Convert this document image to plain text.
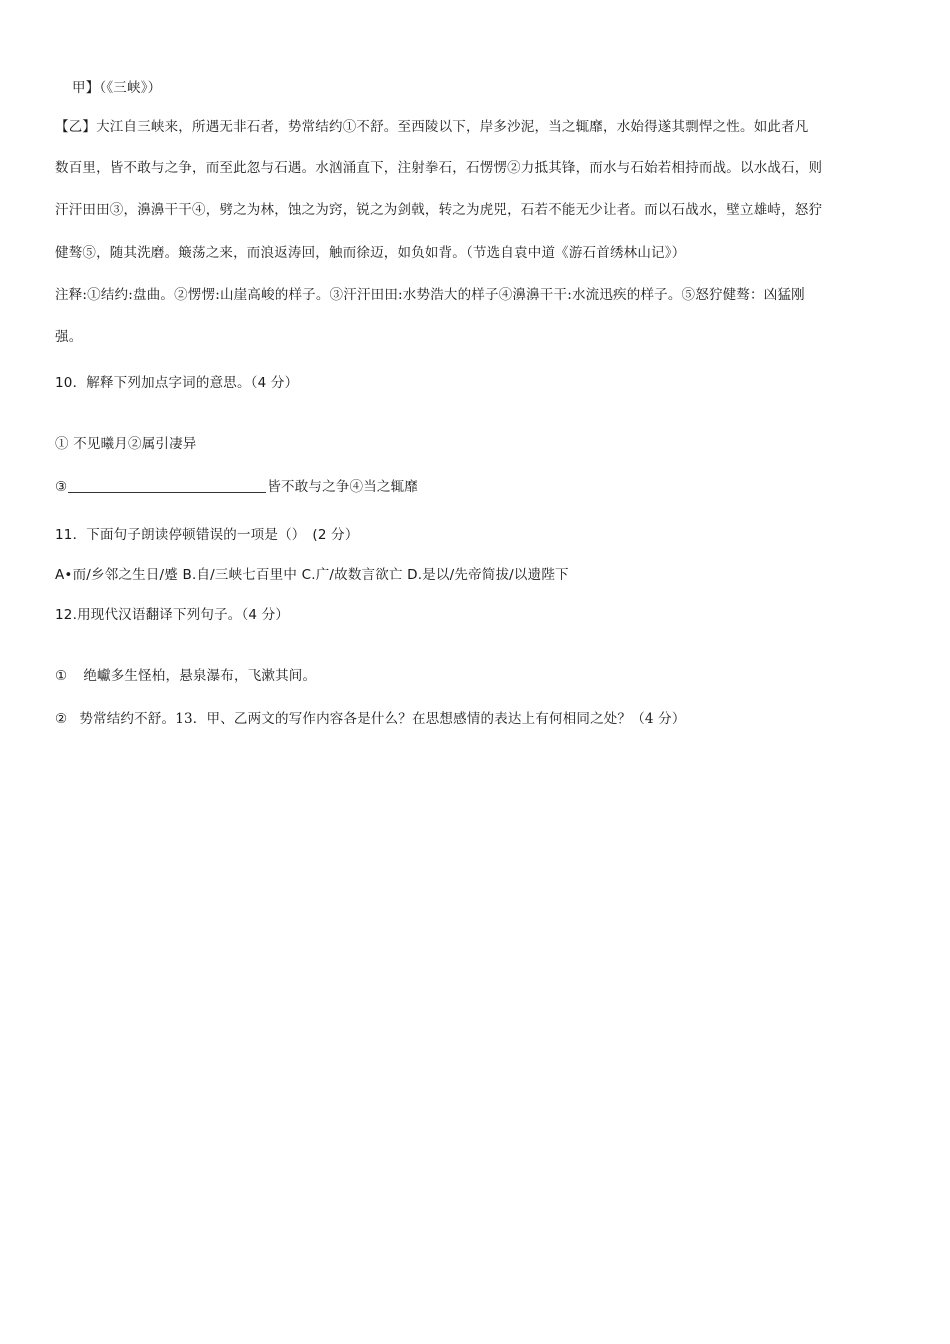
甲】（《三峡》）
【乙】大江自三峡来，所遇无非石者，势常结约①不舒。至西陵以下，岸多沙泥，当之辄靡，水始得遂其剽悍之性。如此者凡
数百里，皆不敢与之争，而至此忽与石遇。水汹涌直下，注射拳石，石愣愣②力抵其锋，而水与石始若相持而战。以水战石，则
汗汗田田③，濞濞干干④，劈之为林，蚀之为窍，锐之为剑戟，转之为虎兕，石若不能无少让者。而以石战水，壁立雄峙，怒狞
健骜⑤，随其洗磨。簸荡之来，而浪返涛回，触而徐迈，如负如背。（节选自袁中道《游石首绣林山记》）
注释:①结约:盘曲。②愣愣:山崖高峻的样子。③汗汗田田:水势浩大的样子④濞濞干干:水流迅疾的样子。⑤怒狞健骜：凶猛刚
强。
10．解释下列加点字词的意思。（4 分）
① 不见曦月②属引凄异
③	皆不敢与之争④当之辄靡
11．下面句子朗读停顿错误的一项是（）　(2 分）
A•而/乡邻之生日/蹙 B.自/三峡七百里中 C.广/故数言欲亡 D.是以/先帝简拔/以遗陛下
12.用现代汉语翻译下列句子。（4 分）
① 绝巘多生怪柏，悬泉瀑布，飞漱其间。
② 势常结约不舒。13．甲、乙两文的写作内容各是什么？在思想感情的表达上有何相同之处？（4 分）
